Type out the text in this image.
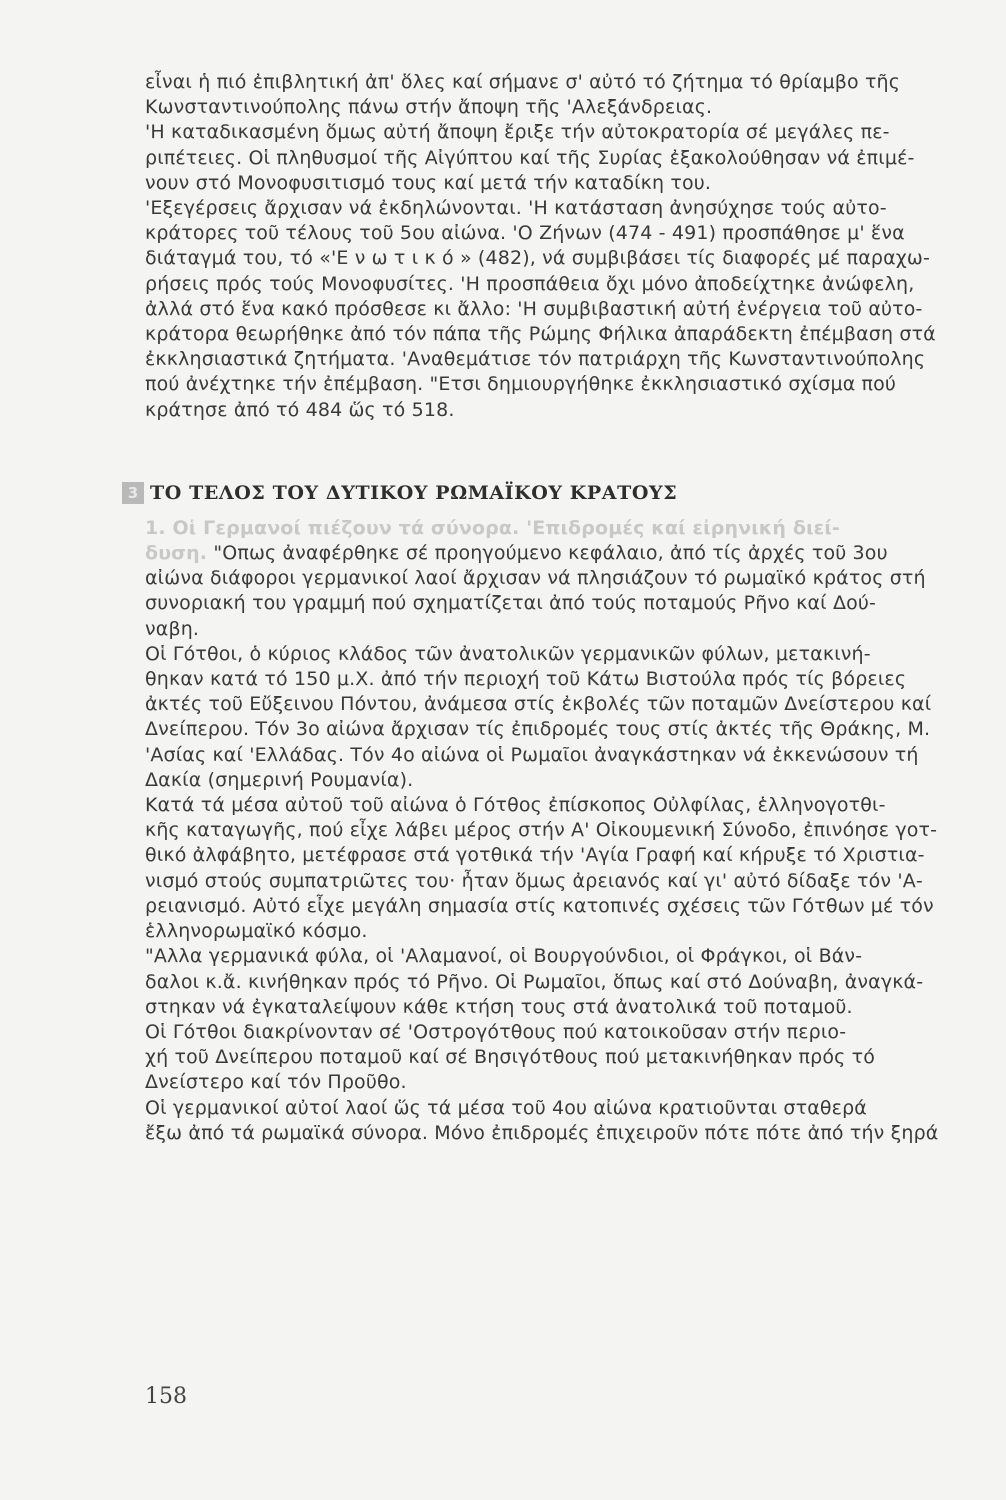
εἶναι ἡ πιό ἐπιβλητική ἀπ' ὅλες καί σήμανε σ' αὐτό τό ζήτημα τό θρίαμβο τῆς
Κωνσταντινούπολης πάνω στήν ἄποψη τῆς 'Αλεξάνδρειας.
'Η καταδικασμένη ὅμως αὐτή ἄποψη ἔριξε τήν αὐτοκρατορία σέ μεγάλες πε-
ριπέτειες. Οἱ πληθυσμοί τῆς Αἰγύπτου καί τῆς Συρίας ἐξακολούθησαν νά ἐπιμέ-
νουν στό Μονοφυσιτισμό τους καί μετά τήν καταδίκη του.
'Εξεγέρσεις ἄρχισαν νά ἐκδηλώνονται. 'Η κατάσταση ἀνησύχησε τούς αὐτο-
κράτορες τοῦ τέλους τοῦ 5ου αἰώνα. 'Ο Ζήνων (474 - 491) προσπάθησε μ' ἕνα
διάταγμά του, τό «'Ε ν ω τ ι κ ό » (482), νά συμβιβάσει τίς διαφορές μέ παραχω-
ρήσεις πρός τούς Μονοφυσίτες. 'Η προσπάθεια ὄχι μόνο ἀποδείχτηκε ἀνώφελη,
ἀλλά στό ἕνα κακό πρόσθεσε κι ἄλλο: 'Η συμβιβαστική αὐτή ἐνέργεια τοῦ αὐτο-
κράτορα θεωρήθηκε ἀπό τόν πάπα τῆς Ρώμης Φήλικα ἀπαράδεκτη ἐπέμβαση στά
ἐκκλησιαστικά ζητήματα. 'Αναθεμάτισε τόν πατριάρχη τῆς Κωνσταντινούπολης
πού ἀνέχτηκε τήν ἐπέμβαση. "Ετσι δημιουργήθηκε ἐκκλησιαστικό σχίσμα πού
κράτησε ἀπό τό 484 ὥς τό 518.
3 ΤΟ ΤΕΛΟΣ ΤΟΥ ΔΥΤΙΚΟΥ ΡΩΜΑΪΚΟΥ ΚΡΑΤΟΥΣ
1. Οἱ Γερμανοί πιέζουν τά σύνορα. 'Επιδρομές καί εἰρηνική διεί-
δυση. "Οπως ἀναφέρθηκε σέ προηγούμενο κεφάλαιο, ἀπό τίς ἀρχές τοῦ 3ου
αἰώνα διάφοροι γερμανικοί λαοί ἄρχισαν νά πλησιάζουν τό ρωμαϊκό κράτος στή
συνοριακή του γραμμή πού σχηματίζεται ἀπό τούς ποταμούς Ρῆνο καί Δού-
ναβη.
Οἱ Γότθοι, ὁ κύριος κλάδος τῶν ἀνατολικῶν γερμανικῶν φύλων, μετακινή-
θηκαν κατά τό 150 μ.Χ. ἀπό τήν περιοχή τοῦ Κάτω Βιστούλα πρός τίς βόρειες
ἀκτές τοῦ Εὔξεινου Πόντου, ἀνάμεσα στίς ἐκβολές τῶν ποταμῶν Δνείστερου καί
Δνείπερου. Τόν 3ο αἰώνα ἄρχισαν τίς ἐπιδρομές τους στίς ἀκτές τῆς Θράκης, Μ.
'Ασίας καί 'Ελλάδας. Τόν 4ο αἰώνα οἱ Ρωμαῖοι ἀναγκάστηκαν νά ἐκκενώσουν τή
Δακία (σημερινή Ρουμανία).
Κατά τά μέσα αὐτοῦ τοῦ αἰώνα ὁ Γότθος ἐπίσκοπος Οὐλφίλας, ἑλληνογοτθι-
κῆς καταγωγῆς, πού εἶχε λάβει μέρος στήν Α' Οἰκουμενική Σύνοδο, ἐπινόησε γοτ-
θικό ἀλφάβητο, μετέφρασε στά γοτθικά τήν 'Αγία Γραφή καί κήρυξε τό Χριστια-
νισμό στούς συμπατριῶτες του· ἦταν ὅμως ἀρειανός καί γι' αὐτό δίδαξε τόν 'Α-
ρειανισμό. Αὐτό εἶχε μεγάλη σημασία στίς κατοπινές σχέσεις τῶν Γότθων μέ τόν
ἑλληνορωμαϊκό κόσμο.
"Αλλα γερμανικά φύλα, οἱ 'Αλαμανοί, οἱ Βουργούνδιοι, οἱ Φράγκοι, οἱ Βάν-
δαλοι κ.ἄ. κινήθηκαν πρός τό Ρῆνο. Οἱ Ρωμαῖοι, ὅπως καί στό Δούναβη, ἀναγκά-
στηκαν νά ἐγκαταλείψουν κάθε κτήση τους στά ἀνατολικά τοῦ ποταμοῦ.
Οἱ Γότθοι διακρίνονταν σέ 'Οστρογότθους πού κατοικοῦσαν στήν περιο-
χή τοῦ Δνείπερου ποταμοῦ καί σέ Βησιγότθους πού μετακινήθηκαν πρός τό
Δνείστερο καί τόν Προῦθο.
Οἱ γερμανικοί αὐτοί λαοί ὥς τά μέσα τοῦ 4ου αἰώνα κρατιοῦνται σταθερά
ἔξω ἀπό τά ρωμαϊκά σύνορα. Μόνο ἐπιδρομές ἐπιχειροῦν πότε πότε ἀπό τήν ξηρά
158
